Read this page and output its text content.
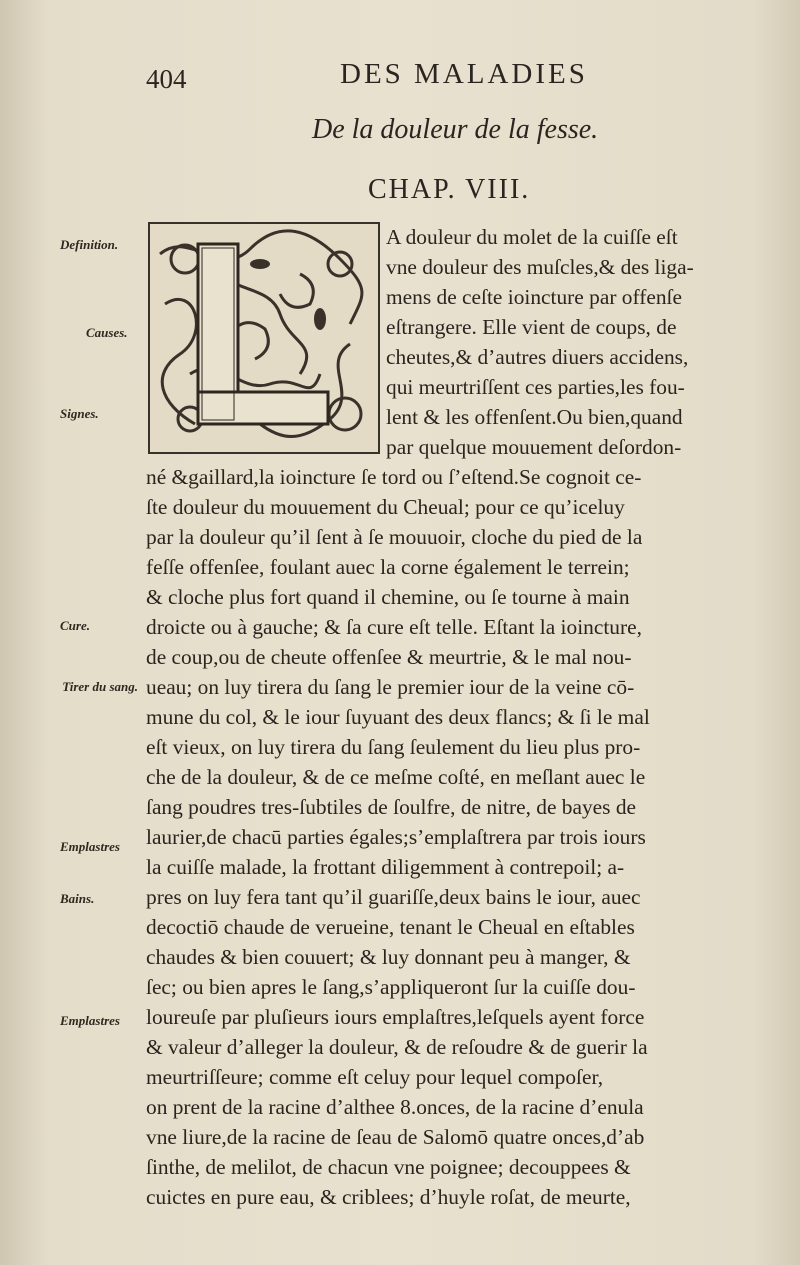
404	DES MALADIES
De la douleur de la fesse.
CHAP. VIII.
Definition.
Causes.
Signes.
Cure.
Tirer du sang.
Emplastres
Bains.
Emplastres
A douleur du molet de la cuiſſe eſt
vne douleur des muſcles,& des liga-
mens de ceſte ioincture par offenſe
eſtrangere. Elle vient de coups, de
cheutes,& d’autres diuers accidens,
qui meurtriſſent ces parties,les fou-
lent & les offenſent.Ou bien,quand
par quelque mouuement deſordon-
né &gaillard,la ioincture ſe tord ou ſ’eſtend.Se cognoit ce-
ſte douleur du mouuement du Cheual; pour ce qu’iceluy
par la douleur qu’il ſent à ſe mouuoir, cloche du pied de la
feſſe offenſee, foulant auec la corne également le terrein;
& cloche plus fort quand il chemine, ou ſe tourne à main
droicte ou à gauche; & ſa cure eſt telle. Eſtant la ioincture,
de coup,ou de cheute offenſee & meurtrie, & le mal nou-
ueau; on luy tirera du ſang le premier iour de la veine cō-
mune du col, & le iour ſuyuant des deux flancs; & ſi le mal
eſt vieux, on luy tirera du ſang ſeulement du lieu plus pro-
che de la douleur, & de ce meſme coſté, en meſlant auec le
ſang poudres tres-ſubtiles de ſoulfre, de nitre, de bayes de
laurier,de chacū parties égales;s’emplaſtrera par trois iours
la cuiſſe malade, la frottant diligemment à contrepoil; a-
pres on luy fera tant qu’il guariſſe,deux bains le iour, auec
decoctiō chaude de verueine, tenant le Cheual en eſtables
chaudes & bien couuert; & luy donnant peu à manger, &
ſec; ou bien apres le ſang,s’appliqueront ſur la cuiſſe dou-
loureuſe par pluſieurs iours emplaſtres,leſquels ayent force
& valeur d’alleger la douleur, & de reſoudre & de guerir la
meurtriſſeure; comme eſt celuy pour lequel compoſer,
on prent de la racine d’althee 8.onces, de la racine d’enula
vne liure,de la racine de ſeau de Salomō quatre onces,d’ab
ſinthe, de melilot, de chacun vne poignee; decouppees &
cuictes en pure eau, & criblees; d’huyle roſat, de meurte,
